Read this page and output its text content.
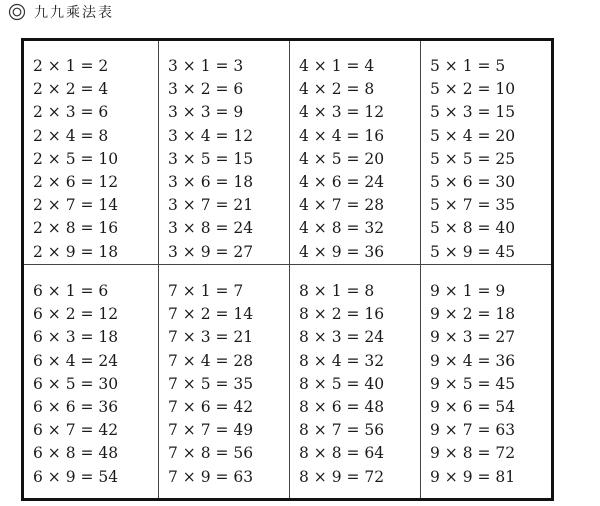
九九乘法表
2 × 1 = 2
2 × 2 = 4
2 × 3 = 6
2 × 4 = 8
2 × 5 = 10
2 × 6 = 12
2 × 7 = 14
2 × 8 = 16
2 × 9 = 18
3 × 1 = 3
3 × 2 = 6
3 × 3 = 9
3 × 4 = 12
3 × 5 = 15
3 × 6 = 18
3 × 7 = 21
3 × 8 = 24
3 × 9 = 27
4 × 1 = 4
4 × 2 = 8
4 × 3 = 12
4 × 4 = 16
4 × 5 = 20
4 × 6 = 24
4 × 7 = 28
4 × 8 = 32
4 × 9 = 36
5 × 1 = 5
5 × 2 = 10
5 × 3 = 15
5 × 4 = 20
5 × 5 = 25
5 × 6 = 30
5 × 7 = 35
5 × 8 = 40
5 × 9 = 45
6 × 1 = 6
6 × 2 = 12
6 × 3 = 18
6 × 4 = 24
6 × 5 = 30
6 × 6 = 36
6 × 7 = 42
6 × 8 = 48
6 × 9 = 54
7 × 1 = 7
7 × 2 = 14
7 × 3 = 21
7 × 4 = 28
7 × 5 = 35
7 × 6 = 42
7 × 7 = 49
7 × 8 = 56
7 × 9 = 63
8 × 1 = 8
8 × 2 = 16
8 × 3 = 24
8 × 4 = 32
8 × 5 = 40
8 × 6 = 48
8 × 7 = 56
8 × 8 = 64
8 × 9 = 72
9 × 1 = 9
9 × 2 = 18
9 × 3 = 27
9 × 4 = 36
9 × 5 = 45
9 × 6 = 54
9 × 7 = 63
9 × 8 = 72
9 × 9 = 81
